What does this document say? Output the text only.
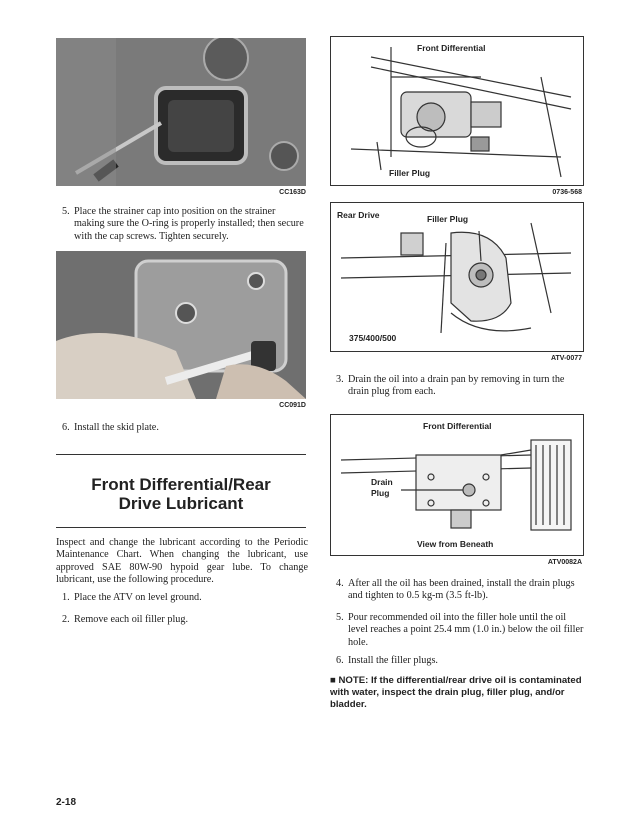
CC163D
5. Place the strainer cap into position on the strainer making sure the O-ring is properly installed; then secure with the cap screws. Tighten securely.
CC091D
6. Install the skid plate.
Front Differential/Rear
Drive Lubricant
Inspect and change the lubricant according to the Periodic Maintenance Chart. When changing the lubricant, use approved SAE 80W-90 hypoid gear lube. To change lubricant, use the following procedure.
1. Place the ATV on level ground.
2. Remove each oil filler plug.
2-18
Front Differential
Filler Plug
0736-568
Rear Drive	Filler Plug
375/400/500
ATV-0077
3. Drain the oil into a drain pan by removing in turn the drain plug from each.
Front Differential
Drain
Plug
View from Beneath
ATV0082A
4. After all the oil has been drained, install the drain plugs and tighten to 0.5 kg-m (3.5 ft-lb).
5. Pour recommended oil into the filler hole until the oil level reaches a point 25.4 mm (1.0 in.) below the oil filler hole.
6. Install the filler plugs.
■ NOTE: If the differential/rear drive oil is contaminated with water, inspect the drain plug, filler plug, and/or bladder.
